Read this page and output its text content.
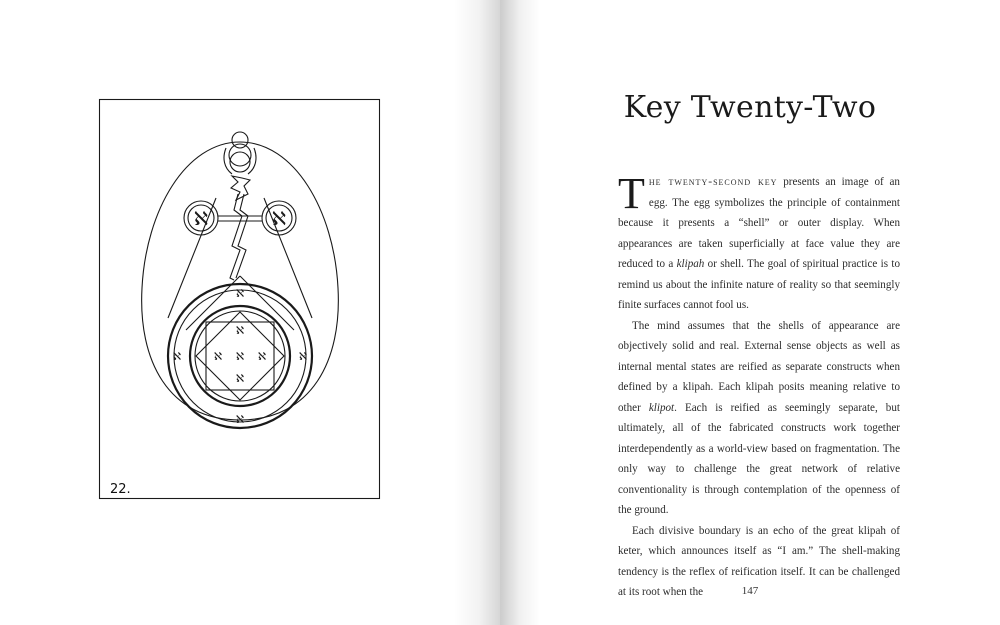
ℵ	ℵ
ℵ
ℵ ℵ ℵ
ℵ
ℵ
ℵ	ℵ
ℵ
22.
Key Twenty-Two

The twenty-second key presents an image of an egg. The egg symbolizes the principle of containment because it presents a “shell” or outer display. When appearances are taken superficially at face value they are reduced to a klipah or shell. The goal of spiritual practice is to remind us about the infinite nature of reality so that seemingly finite surfaces cannot fool us.

The mind assumes that the shells of appearance are objectively solid and real. External sense objects as well as internal mental states are reified as separate constructs when defined by a klipah. Each klipah posits meaning relative to other klipot. Each is reified as seemingly separate, but ultimately, all of the fabricated constructs work together interdependently as a world-view based on fragmentation. The only way to challenge the great network of relative conventionality is through contemplation of the openness of the ground.

Each divisive boundary is an echo of the great klipah of keter, which announces itself as “I am.” The shell-making tendency is the reflex of reification itself. It can be challenged at its root when the	147
